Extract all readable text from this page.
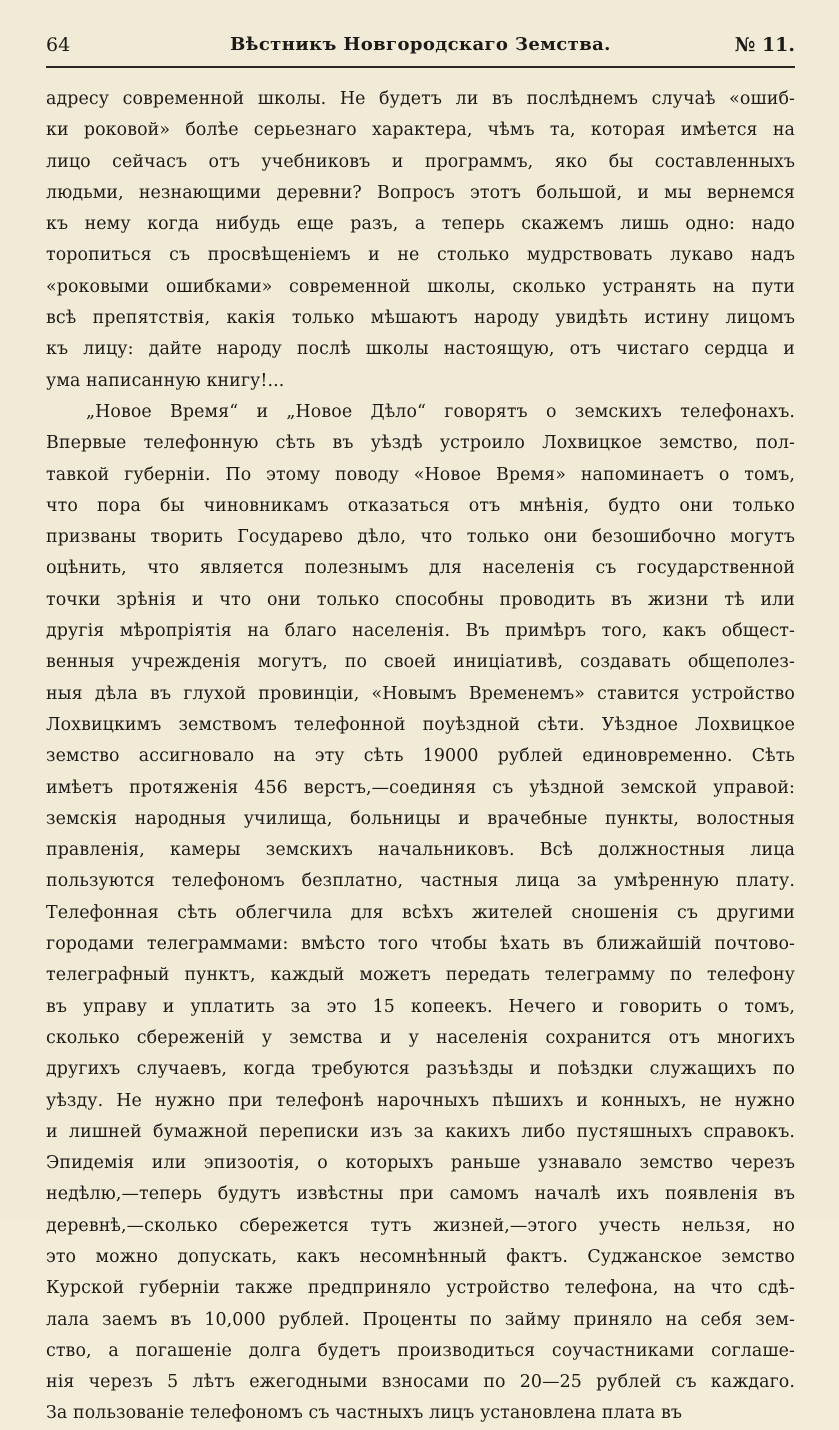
64	Вѣстникъ Новгородскаго Земства.	№ 11.
адресу современной школы. Не будетъ ли въ послѣднемъ случаѣ «ошиб-
ки роковой» болѣе серьезнаго характера, чѣмъ та, которая имѣется на
лицо сейчасъ отъ учебниковъ и программъ, яко бы составленныхъ
людьми, незнающими деревни? Вопросъ этотъ большой, и мы вернемся
къ нему когда нибудь еще разъ, а теперь скажемъ лишь одно: надо
торопиться съ просвѣщеніемъ и не столько мудрствовать лукаво надъ
«роковыми ошибками» современной школы, сколько устранять на пути
всѣ препятствія, какія только мѣшаютъ народу увидѣть истину лицомъ
къ лицу: дайте народу послѣ школы настоящую, отъ чистаго сердца и
ума написанную книгу!...
„Новое Время“ и „Новое Дѣло“ говорятъ о земскихъ телефонахъ.
Впервые телефонную сѣть въ уѣздѣ устроило Лохвицкое земство, пол-
тавкой губерніи. По этому поводу «Новое Время» напоминаетъ о томъ,
что пора бы чиновникамъ отказаться отъ мнѣнія, будто они только
призваны творить Государево дѣло, что только они безошибочно могутъ
оцѣнить, что является полезнымъ для населенія съ государственной
точки зрѣнія и что они только способны проводить въ жизни тѣ или
другія мѣропріятія на благо населенія. Въ примѣръ того, какъ общест-
венныя учрежденія могутъ, по своей иниціативѣ, создавать общеполез-
ныя дѣла въ глухой провинціи, «Новымъ Временемъ» ставится устройство
Лохвицкимъ земствомъ телефонной поуѣздной сѣти. Уѣздное Лохвицкое
земство ассигновало на эту сѣть 19000 рублей единовременно. Сѣть
имѣетъ протяженія 456 верстъ,—соединяя съ уѣздной земской управой:
земскія народныя училища, больницы и врачебные пункты, волостныя
правленія, камеры земскихъ начальниковъ. Всѣ должностныя лица
пользуются телефономъ безплатно, частныя лица за умѣренную плату.
Телефонная сѣть облегчила для всѣхъ жителей сношенія съ другими
городами телеграммами: вмѣсто того чтобы ѣхать въ ближайшій почтово-
телеграфный пунктъ, каждый можетъ передать телеграмму по телефону
въ управу и уплатить за это 15 копеекъ. Нечего и говорить о томъ,
сколько сбереженій у земства и у населенія сохранится отъ многихъ
другихъ случаевъ, когда требуются разъѣзды и поѣздки служащихъ по
уѣзду. Не нужно при телефонѣ нарочныхъ пѣшихъ и конныхъ, не нужно
и лишней бумажной переписки изъ за какихъ либо пустяшныхъ справокъ.
Эпидемія или эпизоотія, о которыхъ раньше узнавало земство черезъ
недѣлю,—теперь будутъ извѣстны при самомъ началѣ ихъ появленія въ
деревнѣ,—сколько сбережется тутъ жизней,—этого учесть нельзя, но
это можно допускать, какъ несомнѣнный фактъ. Суджанское земство
Курской губерніи также предприняло устройство телефона, на что сдѣ-
лала заемъ въ 10,000 рублей. Проценты по займу приняло на себя зем-
ство, а погашеніе долга будетъ производиться соучастниками соглаше-
нія черезъ 5 лѣтъ ежегодными взносами по 20—25 рублей съ каждаго.
За пользованіе телефономъ съ частныхъ лицъ установлена плата въ
